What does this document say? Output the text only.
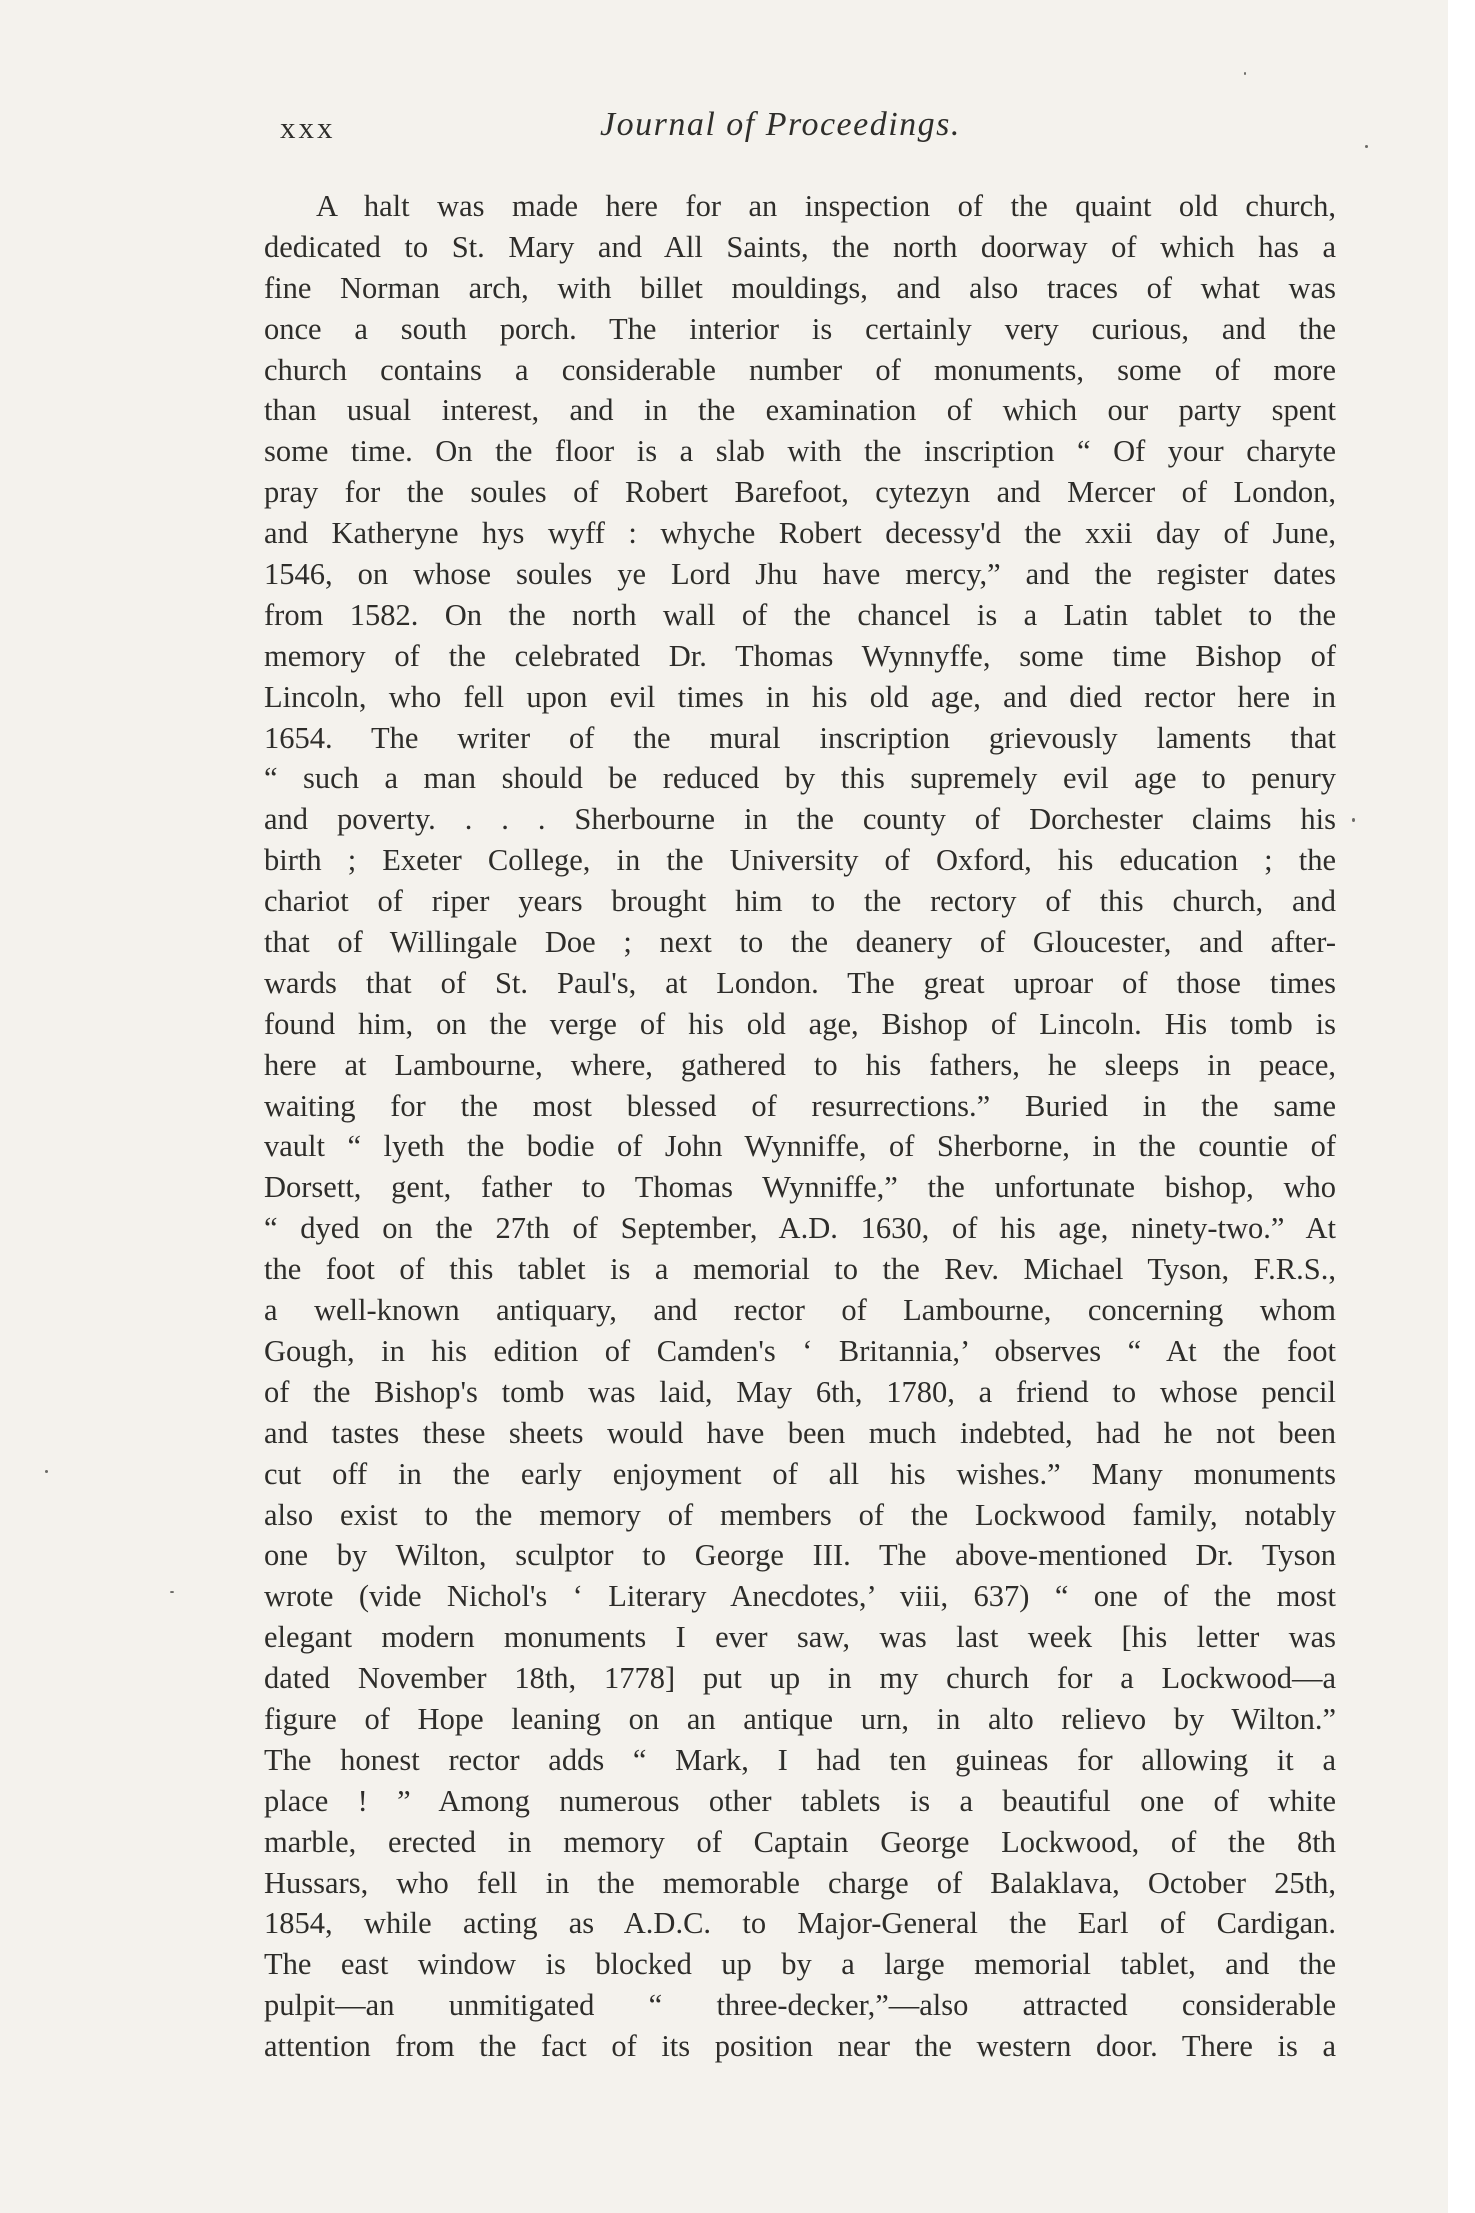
xxx	Journal of Proceedings.
A halt was made here for an inspection of the quaint old church,
dedicated to St. Mary and All Saints, the north doorway of which has a
fine Norman arch, with billet mouldings, and also traces of what was
once a south porch. The interior is certainly very curious, and the
church contains a considerable number of monuments, some of more
than usual interest, and in the examination of which our party spent
some time. On the floor is a slab with the inscription “ Of your charyte
pray for the soules of Robert Barefoot, cytezyn and Mercer of London,
and Katheryne hys wyff : whyche Robert decessy'd the xxii day of June,
1546, on whose soules ye Lord Jhu have mercy,” and the register dates
from 1582. On the north wall of the chancel is a Latin tablet to the
memory of the celebrated Dr. Thomas Wynnyffe, some time Bishop of
Lincoln, who fell upon evil times in his old age, and died rector here in
1654. The writer of the mural inscription grievously laments that
“ such a man should be reduced by this supremely evil age to penury
and poverty. . . . Sherbourne in the county of Dorchester claims his
birth ; Exeter College, in the University of Oxford, his education ; the
chariot of riper years brought him to the rectory of this church, and
that of Willingale Doe ; next to the deanery of Gloucester, and after-
wards that of St. Paul's, at London. The great uproar of those times
found him, on the verge of his old age, Bishop of Lincoln. His tomb is
here at Lambourne, where, gathered to his fathers, he sleeps in peace,
waiting for the most blessed of resurrections.” Buried in the same
vault “ lyeth the bodie of John Wynniffe, of Sherborne, in the countie of
Dorsett, gent, father to Thomas Wynniffe,” the unfortunate bishop, who
“ dyed on the 27th of September, A.D. 1630, of his age, ninety-two.” At
the foot of this tablet is a memorial to the Rev. Michael Tyson, F.R.S.,
a well-known antiquary, and rector of Lambourne, concerning whom
Gough, in his edition of Camden's ‘ Britannia,’ observes “ At the foot
of the Bishop's tomb was laid, May 6th, 1780, a friend to whose pencil
and tastes these sheets would have been much indebted, had he not been
cut off in the early enjoyment of all his wishes.” Many monuments
also exist to the memory of members of the Lockwood family, notably
one by Wilton, sculptor to George III. The above-mentioned Dr. Tyson
wrote (vide Nichol's ‘ Literary Anecdotes,’ viii, 637) “ one of the most
elegant modern monuments I ever saw, was last week [his letter was
dated November 18th, 1778] put up in my church for a Lockwood—a
figure of Hope leaning on an antique urn, in alto relievo by Wilton.”
The honest rector adds “ Mark, I had ten guineas for allowing it a
place ! ” Among numerous other tablets is a beautiful one of white
marble, erected in memory of Captain George Lockwood, of the 8th
Hussars, who fell in the memorable charge of Balaklava, October 25th,
1854, while acting as A.D.C. to Major-General the Earl of Cardigan.
The east window is blocked up by a large memorial tablet, and the
pulpit—an unmitigated “ three-decker,”—also attracted considerable
attention from the fact of its position near the western door. There is a
